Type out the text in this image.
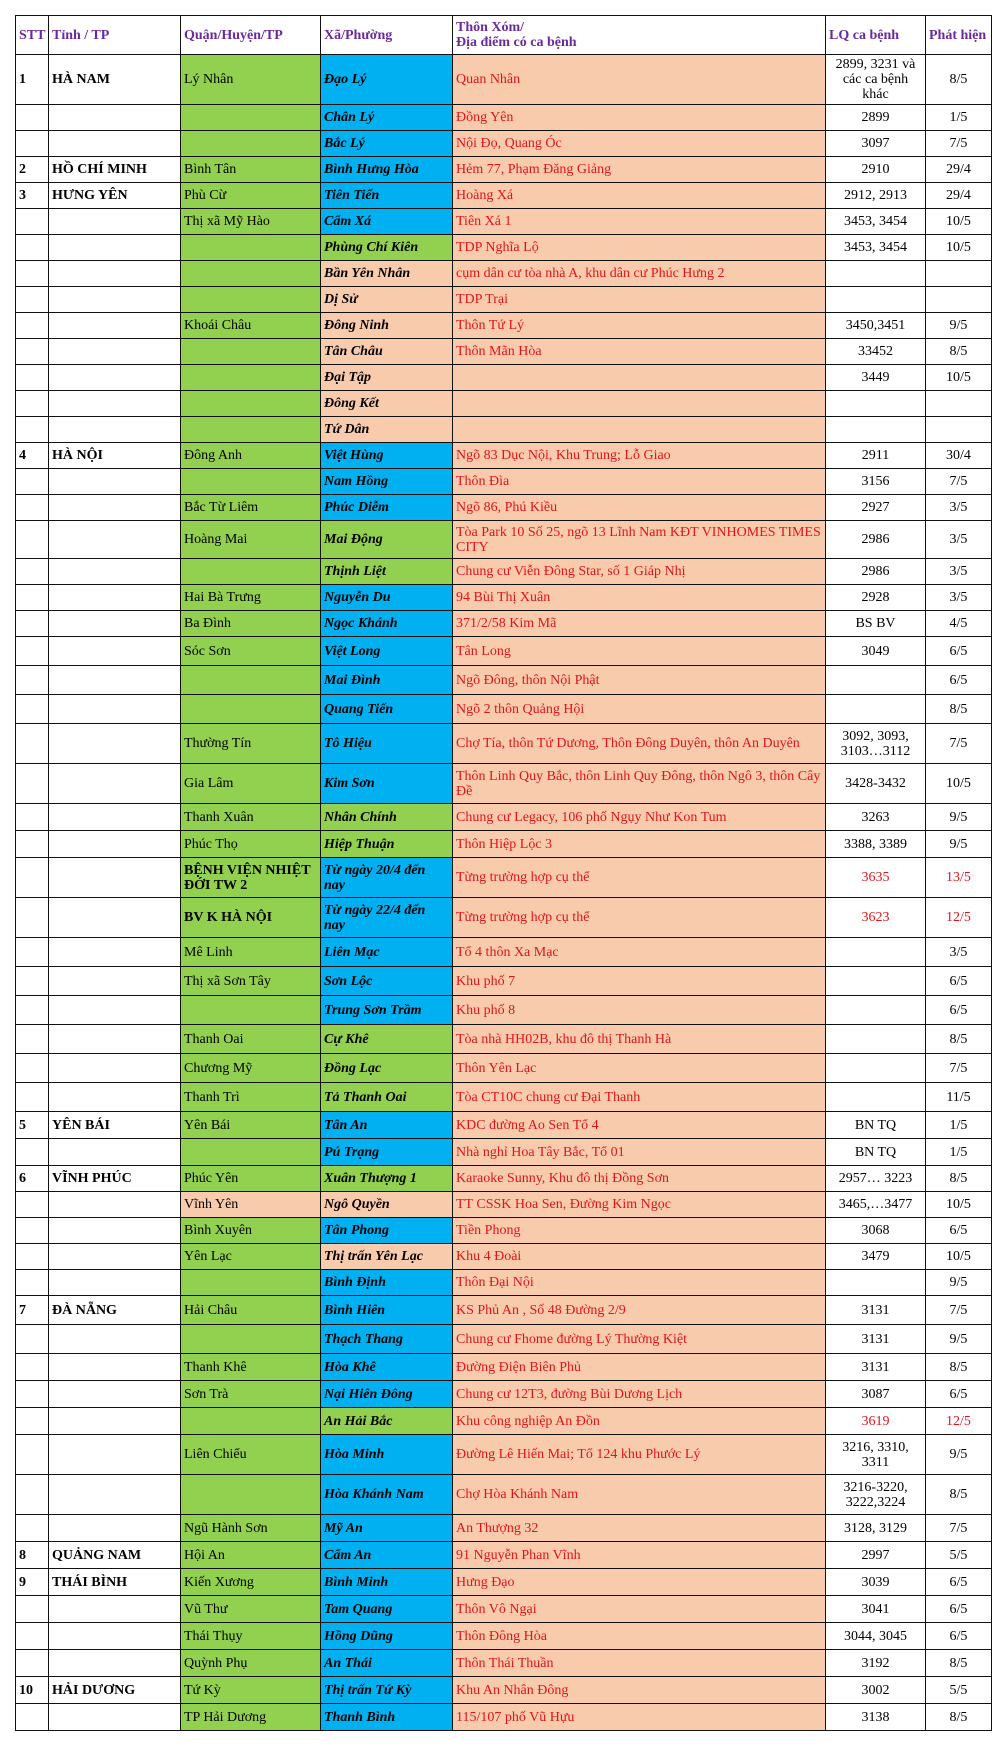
STT	Tỉnh / TP	Quận/Huyện/TP	Xã/Phường	Thôn Xóm/
Địa điểm có ca bệnh	LQ ca bệnh	Phát hiện
1	HÀ NAM	Lý Nhân	Đạo Lý	Quan Nhân	2899, 3231 và các ca bệnh khác	8/5
			Chân Lý	Đồng Yên	2899	1/5
			Bắc Lý	Nội Đọ, Quang Óc	3097	7/5
2	HỒ CHÍ MINH	Bình Tân	Bình Hưng Hòa	Hẻm 77, Phạm Đăng Giảng	2910	29/4
3	HƯNG YÊN	Phù Cừ	Tiên Tiến	Hoàng Xá	2912, 2913	29/4
		Thị xã Mỹ Hào	Cẩm Xá	Tiên Xá 1	3453, 3454	10/5
			Phùng Chí Kiên	TDP Nghĩa Lộ	3453, 3454	10/5
			Bần Yên Nhân	cụm dân cư tòa nhà A, khu dân cư Phúc Hưng 2		
			Dị Sử	TDP Trại		
		Khoái Châu	Đông Ninh	Thôn Tứ Lý	3450,3451	9/5
			Tân Châu	Thôn Mãn Hòa	33452	8/5
			Đại Tập		3449	10/5
			Đông Kết			
			Tứ Dân			
4	HÀ NỘI	Đông Anh	Việt Hùng	Ngõ 83 Dục Nội, Khu Trung; Lỗ Giao	2911	30/4
			Nam Hồng	Thôn Đìa	3156	7/5
		Bắc Từ Liêm	Phúc Diễm	Ngõ 86, Phú Kiều	2927	3/5
		Hoàng Mai	Mai Động	Tòa Park 10 Số 25, ngõ 13 Lĩnh Nam KĐT VINHOMES TIMES CITY	2986	3/5
			Thịnh Liệt	Chung cư Viễn Đông Star, số 1 Giáp Nhị	2986	3/5
		Hai Bà Trưng	Nguyễn Du	94 Bùi Thị Xuân	2928	3/5
		Ba Đình	Ngọc Khánh	371/2/58 Kim Mã	BS BV	4/5
		Sóc Sơn	Việt Long	Tân Long	3049	6/5
			Mai Đình	Ngõ Đông, thôn Nội Phật		6/5
			Quang Tiến	Ngõ 2 thôn Quảng Hội		8/5
		Thường Tín	Tô Hiệu	Chợ Tía, thôn Tứ Dương, Thôn Đông Duyên, thôn An Duyên	3092, 3093, 3103…3112	7/5
		Gia Lâm	Kim Sơn	Thôn Linh Quy Bắc, thôn Linh Quy Đông, thôn Ngô 3, thôn Cây Đề	3428-3432	10/5
		Thanh Xuân	Nhân Chính	Chung cư Legacy, 106 phố Ngụy Như Kon Tum	3263	9/5
		Phúc Thọ	Hiệp Thuận	Thôn Hiệp Lộc 3	3388, 3389	9/5
		BỆNH VIỆN NHIỆT ĐỚI TW 2	Từ ngày 20/4 đến nay	Từng trường hợp cụ thể	3635	13/5
		BV K HÀ NỘI	Từ ngày 22/4 đến nay	Từng trường hợp cụ thể	3623	12/5
		Mê Linh	Liên Mạc	Tổ 4 thôn Xa Mạc		3/5
		Thị xã Sơn Tây	Sơn Lộc	Khu phố 7		6/5
			Trung Sơn Trầm	Khu phố 8		6/5
		Thanh Oai	Cự Khê	Tòa nhà HH02B, khu đô thị Thanh Hà		8/5
		Chương Mỹ	Đồng Lạc	Thôn Yên Lạc		7/5
		Thanh Trì	Tả Thanh Oai	Tòa CT10C chung cư Đại Thanh		11/5
5	YÊN BÁI	Yên Bái	Tân An	KDC đường Ao Sen Tổ 4	BN TQ	1/5
			Pú Trạng	Nhà nghỉ Hoa Tây Bắc, Tổ 01	BN TQ	1/5
6	VĨNH PHÚC	Phúc Yên	Xuân Thượng 1	Karaoke Sunny, Khu đô thị Đồng Sơn	2957… 3223	8/5
		Vĩnh Yên	Ngô Quyền	TT CSSK Hoa Sen, Đường Kim Ngọc	3465,…3477	10/5
		Bình Xuyên	Tân Phong	Tiền Phong	3068	6/5
		Yên Lạc	Thị trấn Yên Lạc	Khu 4 Đoài	3479	10/5
			Bình Định	Thôn Đại Nội		9/5
7	ĐÀ NẴNG	Hải Châu	Bình Hiên	KS Phủ An , Số 48 Đường 2/9	3131	7/5
			Thạch Thang	Chung cư Fhome đường Lý Thường Kiệt	3131	9/5
		Thanh Khê	Hòa Khê	Đường Điện Biên Phủ	3131	8/5
		Sơn Trà	Nại Hiên Đông	Chung cư 12T3, đường Bùi Dương Lịch	3087	6/5
			An Hải Bắc	Khu công nghiệp An Đồn	3619	12/5
		Liên Chiểu	Hòa Minh	Đường Lê Hiến Mai; Tổ 124 khu Phước Lý	3216, 3310, 3311	9/5
			Hòa Khánh Nam	Chợ Hòa Khánh Nam	3216-3220, 3222,3224	8/5
		Ngũ Hành Sơn	Mỹ An	An Thượng 32	3128, 3129	7/5
8	QUẢNG NAM	Hội An	Cẩm An	91 Nguyễn Phan Vĩnh	2997	5/5
9	THÁI BÌNH	Kiến Xương	Bình Minh	Hưng Đạo	3039	6/5
		Vũ Thư	Tam Quang	Thôn Vô Ngại	3041	6/5
		Thái Thụy	Hồng Dũng	Thôn Đông Hòa	3044, 3045	6/5
		Quỳnh Phụ	An Thái	Thôn Thái Thuần	3192	8/5
10	HẢI DƯƠNG	Tứ Kỳ	Thị trấn Tứ Kỳ	Khu An Nhân Đông	3002	5/5
		TP Hải Dương	Thanh Bình	115/107 phố Vũ Hựu	3138	8/5
